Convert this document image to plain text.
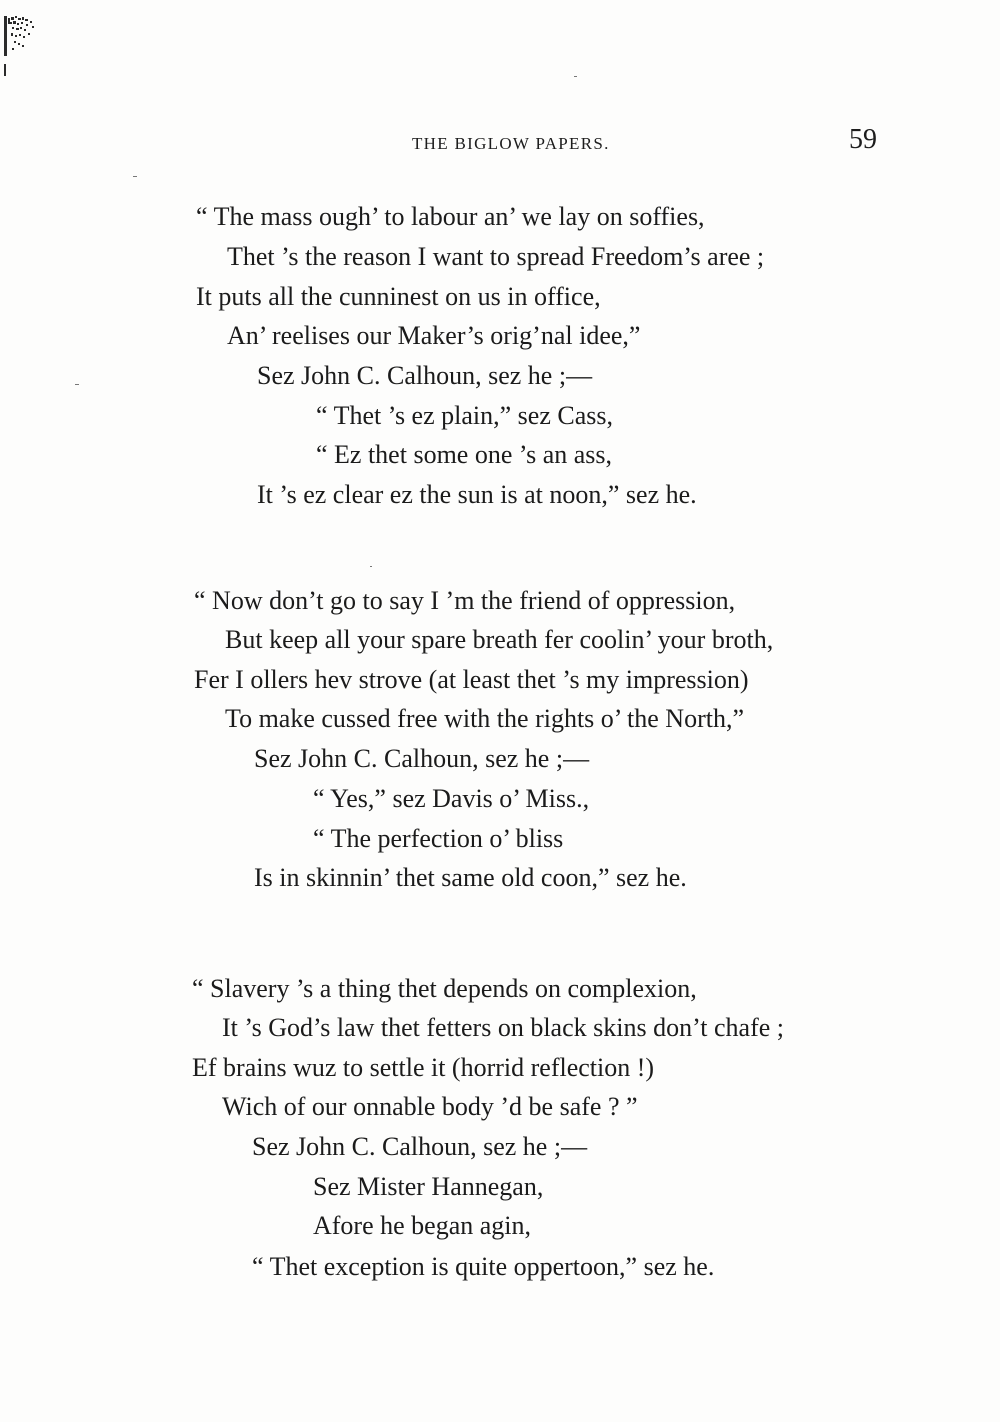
THE BIGLOW PAPERS.	59
“ The mass ough’ to labour an’ we lay on soffies,
Thet ’s the reason I want to spread Freedom’s aree ;
It puts all the cunninest on us in office,
An’ reelises our Maker’s orig’nal idee,”
Sez John C. Calhoun, sez he ;—
“ Thet ’s ez plain,” sez Cass,
“ Ez thet some one ’s an ass,
It ’s ez clear ez the sun is at noon,” sez he.
“ Now don’t go to say I ’m the friend of oppression,
But keep all your spare breath fer coolin’ your broth,
Fer I ollers hev strove (at least thet ’s my impression)
To make cussed free with the rights o’ the North,”
Sez John C. Calhoun, sez he ;—
“ Yes,” sez Davis o’ Miss.,
“ The perfection o’ bliss
Is in skinnin’ thet same old coon,” sez he.
“ Slavery ’s a thing thet depends on complexion,
It ’s God’s law thet fetters on black skins don’t chafe ;
Ef brains wuz to settle it (horrid reflection !)
Wich of our onnable body ’d be safe ? ”
Sez John C. Calhoun, sez he ;—
Sez Mister Hannegan,
Afore he began agin,
“ Thet exception is quite oppertoon,” sez he.
